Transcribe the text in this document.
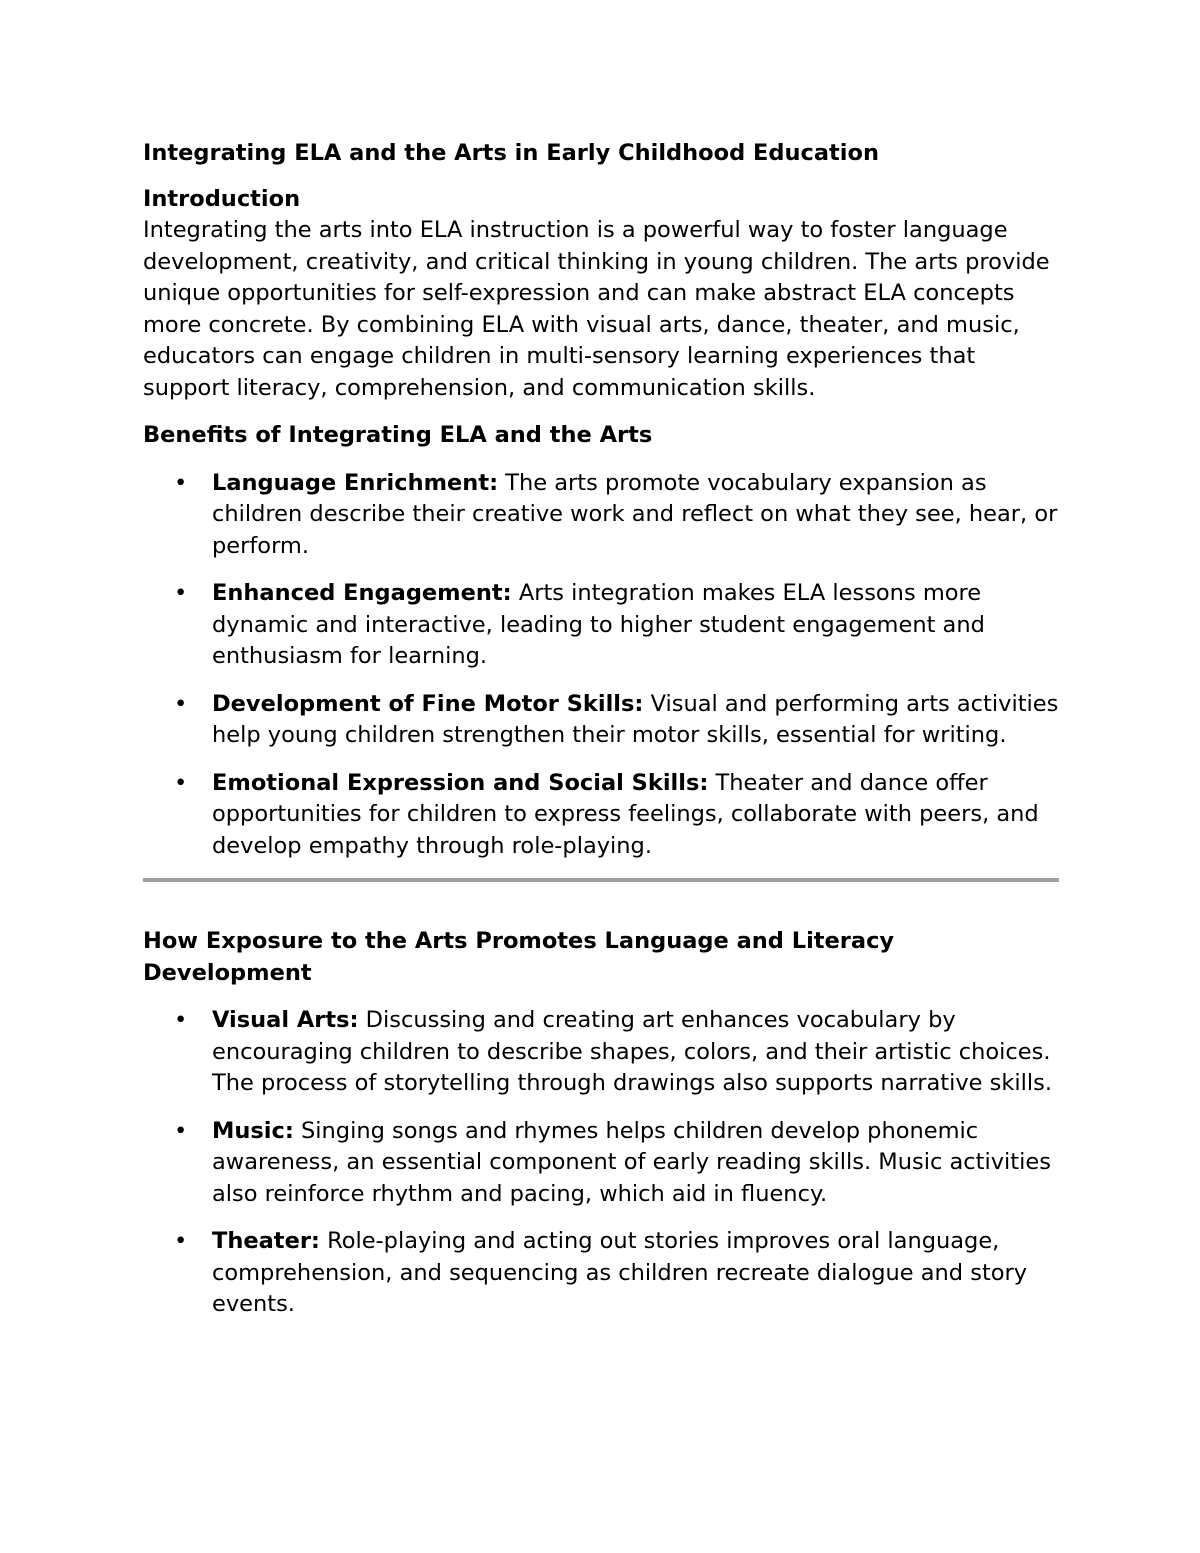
Integrating ELA and the Arts in Early Childhood Education
Introduction
Integrating the arts into ELA instruction is a powerful way to foster language development, creativity, and critical thinking in young children. The arts provide unique opportunities for self-expression and can make abstract ELA concepts more concrete. By combining ELA with visual arts, dance, theater, and music, educators can engage children in multi-sensory learning experiences that support literacy, comprehension, and communication skills.
Benefits of Integrating ELA and the Arts
• Language Enrichment: The arts promote vocabulary expansion as children describe their creative work and reflect on what they see, hear, or perform.
• Enhanced Engagement: Arts integration makes ELA lessons more dynamic and interactive, leading to higher student engagement and enthusiasm for learning.
• Development of Fine Motor Skills: Visual and performing arts activities help young children strengthen their motor skills, essential for writing.
• Emotional Expression and Social Skills: Theater and dance offer opportunities for children to express feelings, collaborate with peers, and develop empathy through role-playing.
How Exposure to the Arts Promotes Language and Literacy Development
• Visual Arts: Discussing and creating art enhances vocabulary by encouraging children to describe shapes, colors, and their artistic choices. The process of storytelling through drawings also supports narrative skills.
• Music: Singing songs and rhymes helps children develop phonemic awareness, an essential component of early reading skills. Music activities also reinforce rhythm and pacing, which aid in fluency.
• Theater: Role-playing and acting out stories improves oral language, comprehension, and sequencing as children recreate dialogue and story events.
